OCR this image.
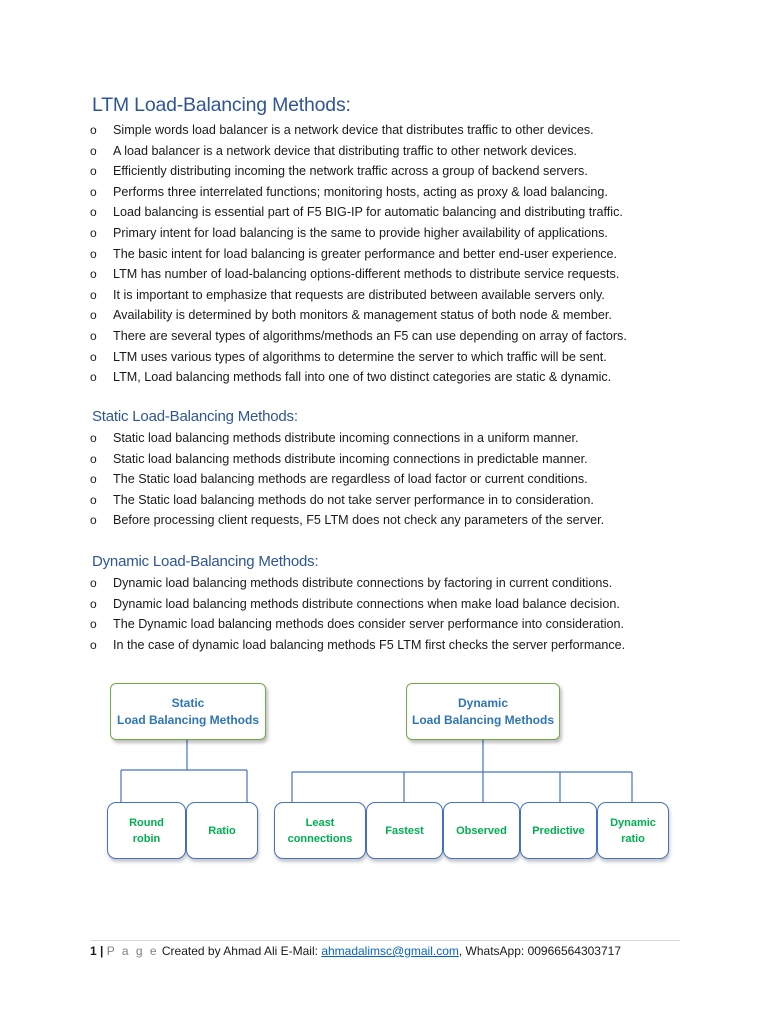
LTM Load-Balancing Methods:
o Simple words load balancer is a network device that distributes traffic to other devices.
o A load balancer is a network device that distributing traffic to other network devices.
o Efficiently distributing incoming the network traffic across a group of backend servers.
o Performs three interrelated functions; monitoring hosts, acting as proxy & load balancing.
o Load balancing is essential part of F5 BIG-IP for automatic balancing and distributing traffic.
o Primary intent for load balancing is the same to provide higher availability of applications.
o The basic intent for load balancing is greater performance and better end-user experience.
o LTM has number of load-balancing options-different methods to distribute service requests.
o It is important to emphasize that requests are distributed between available servers only.
o Availability is determined by both monitors & management status of both node & member.
o There are several types of algorithms/methods an F5 can use depending on array of factors.
o LTM uses various types of algorithms to determine the server to which traffic will be sent.
o LTM, Load balancing methods fall into one of two distinct categories are static & dynamic.
Static Load-Balancing Methods:
o Static load balancing methods distribute incoming connections in a uniform manner.
o Static load balancing methods distribute incoming connections in predictable manner.
o The Static load balancing methods are regardless of load factor or current conditions.
o The Static load balancing methods do not take server performance in to consideration.
o Before processing client requests, F5 LTM does not check any parameters of the server.
Dynamic Load-Balancing Methods:
o Dynamic load balancing methods distribute connections by factoring in current conditions.
o Dynamic load balancing methods distribute connections when make load balance decision.
o The Dynamic load balancing methods does consider server performance into consideration.
o In the case of dynamic load balancing methods F5 LTM first checks the server performance.
Static
Load Balancing Methods
Dynamic
Load Balancing Methods
Round
robin
Ratio
Least
connections
Fastest	Observed Predictive
Dynamic
ratio
1 | P a g e Created by Ahmad Ali E-Mail: ahmadalimsc@gmail.com, WhatsApp: 00966564303717
